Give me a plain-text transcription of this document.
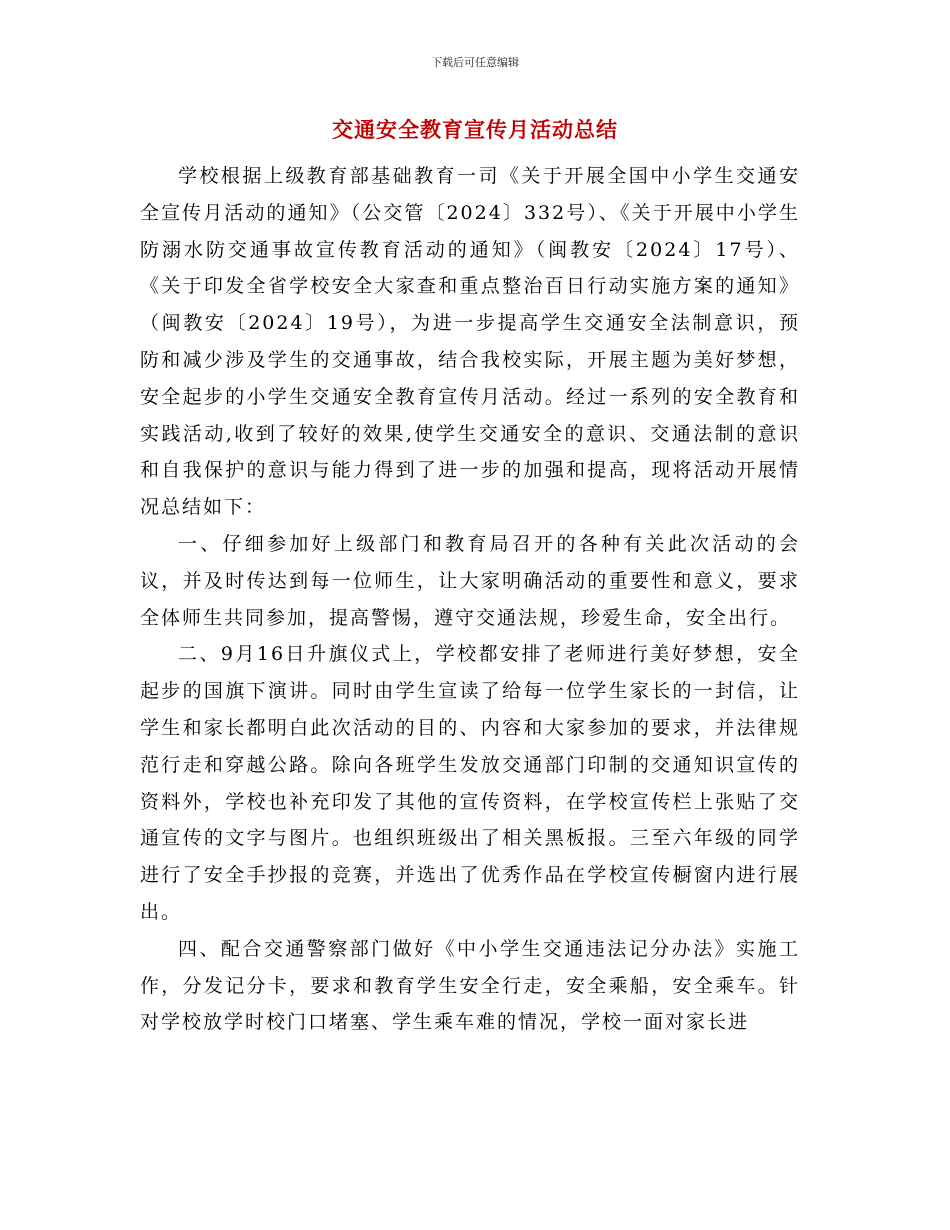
下载后可任意编辑
交通安全教育宣传月活动总结

学校根据上级教育部基础教育一司《关于开展全国中小学生交通安全宣传月活动的通知》（公交管〔2024〕332号）、《关于开展中小学生防溺水防交通事故宣传教育活动的通知》（闽教安〔2024〕17号）、《关于印发全省学校安全大家查和重点整治百日行动实施方案的通知》（闽教安〔2024〕19号），为进一步提高学生交通安全法制意识，预防和减少涉及学生的交通事故，结合我校实际，开展主题为美好梦想，安全起步的小学生交通安全教育宣传月活动。经过一系列的安全教育和实践活动,收到了较好的效果,使学生交通安全的意识、交通法制的意识和自我保护的意识与能力得到了进一步的加强和提高，现将活动开展情况总结如下：

一、仔细参加好上级部门和教育局召开的各种有关此次活动的会议，并及时传达到每一位师生，让大家明确活动的重要性和意义，要求全体师生共同参加，提高警惕，遵守交通法规，珍爱生命，安全出行。

二、9月16日升旗仪式上，学校都安排了老师进行美好梦想，安全起步的国旗下演讲。同时由学生宣读了给每一位学生家长的一封信，让学生和家长都明白此次活动的目的、内容和大家参加的要求，并法律规范行走和穿越公路。除向各班学生发放交通部门印制的交通知识宣传的资料外，学校也补充印发了其他的宣传资料，在学校宣传栏上张贴了交通宣传的文字与图片。也组织班级出了相关黑板报。三至六年级的同学进行了安全手抄报的竞赛，并选出了优秀作品在学校宣传橱窗内进行展出。

四、配合交通警察部门做好《中小学生交通违法记分办法》实施工作，分发记分卡，要求和教育学生安全行走，安全乘船，安全乘车。针对学校放学时校门口堵塞、学生乘车难的情况，学校一面对家长进
